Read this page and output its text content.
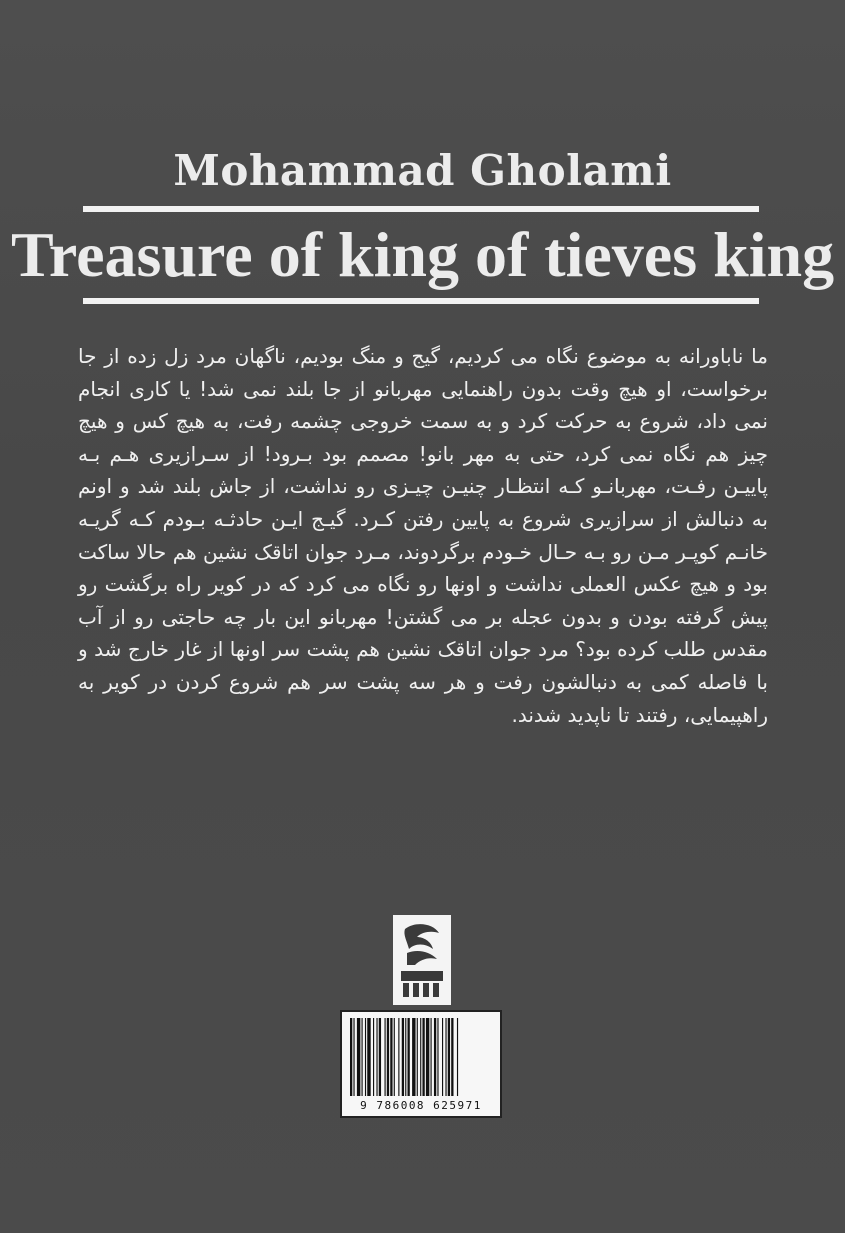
Mohammad Gholami
Treasure of king of tieves king
ما ناباورانه به موضوع نگاه می کردیم، گیج و منگ بودیم، ناگهان مرد زل زده از جا برخواست، او هیچ وقت بدون راهنمایی مهربانو از جا بلند نمی شد! یا کاری انجام نمی داد، شروع به حرکت کرد و به سمت خروجی چشمه رفت، به هیچ کس و هیچ چیز هم نگاه نمی کرد، حتی به مهر بانو! مصمم بود بـرود! از سـرازیری هـم بـه پاییـن رفـت، مهربانـو کـه انتظـار چنیـن چیـزی رو نداشت، از جاش بلند شد و اونم به دنبالش از سرازیری شروع به پایین رفتن کـرد. گیـج ایـن حادثـه بـودم کـه گریـه خانـم کوپـر مـن رو بـه حـال خـودم برگردوند، مـرد جوان اتاقک نشین هم حالا ساکت بود و هیچ عکس العملی نداشت و اونها رو نگاه می کرد که در کویر راه برگشت رو پیش گرفته بودن و بدون عجله بر می گشتن! مهربانو این بار چه حاجتی رو از آب مقدس طلب کرده بود؟ مرد جوان اتاقک نشین هم پشت سر اونها از غار خارج شد و با فاصله کمی به دنبالشون رفت و هر سه پشت سر هم شروع کردن در کویر به راهپیمایی، رفتند تا ناپدید شدند.
9 786008 625971
